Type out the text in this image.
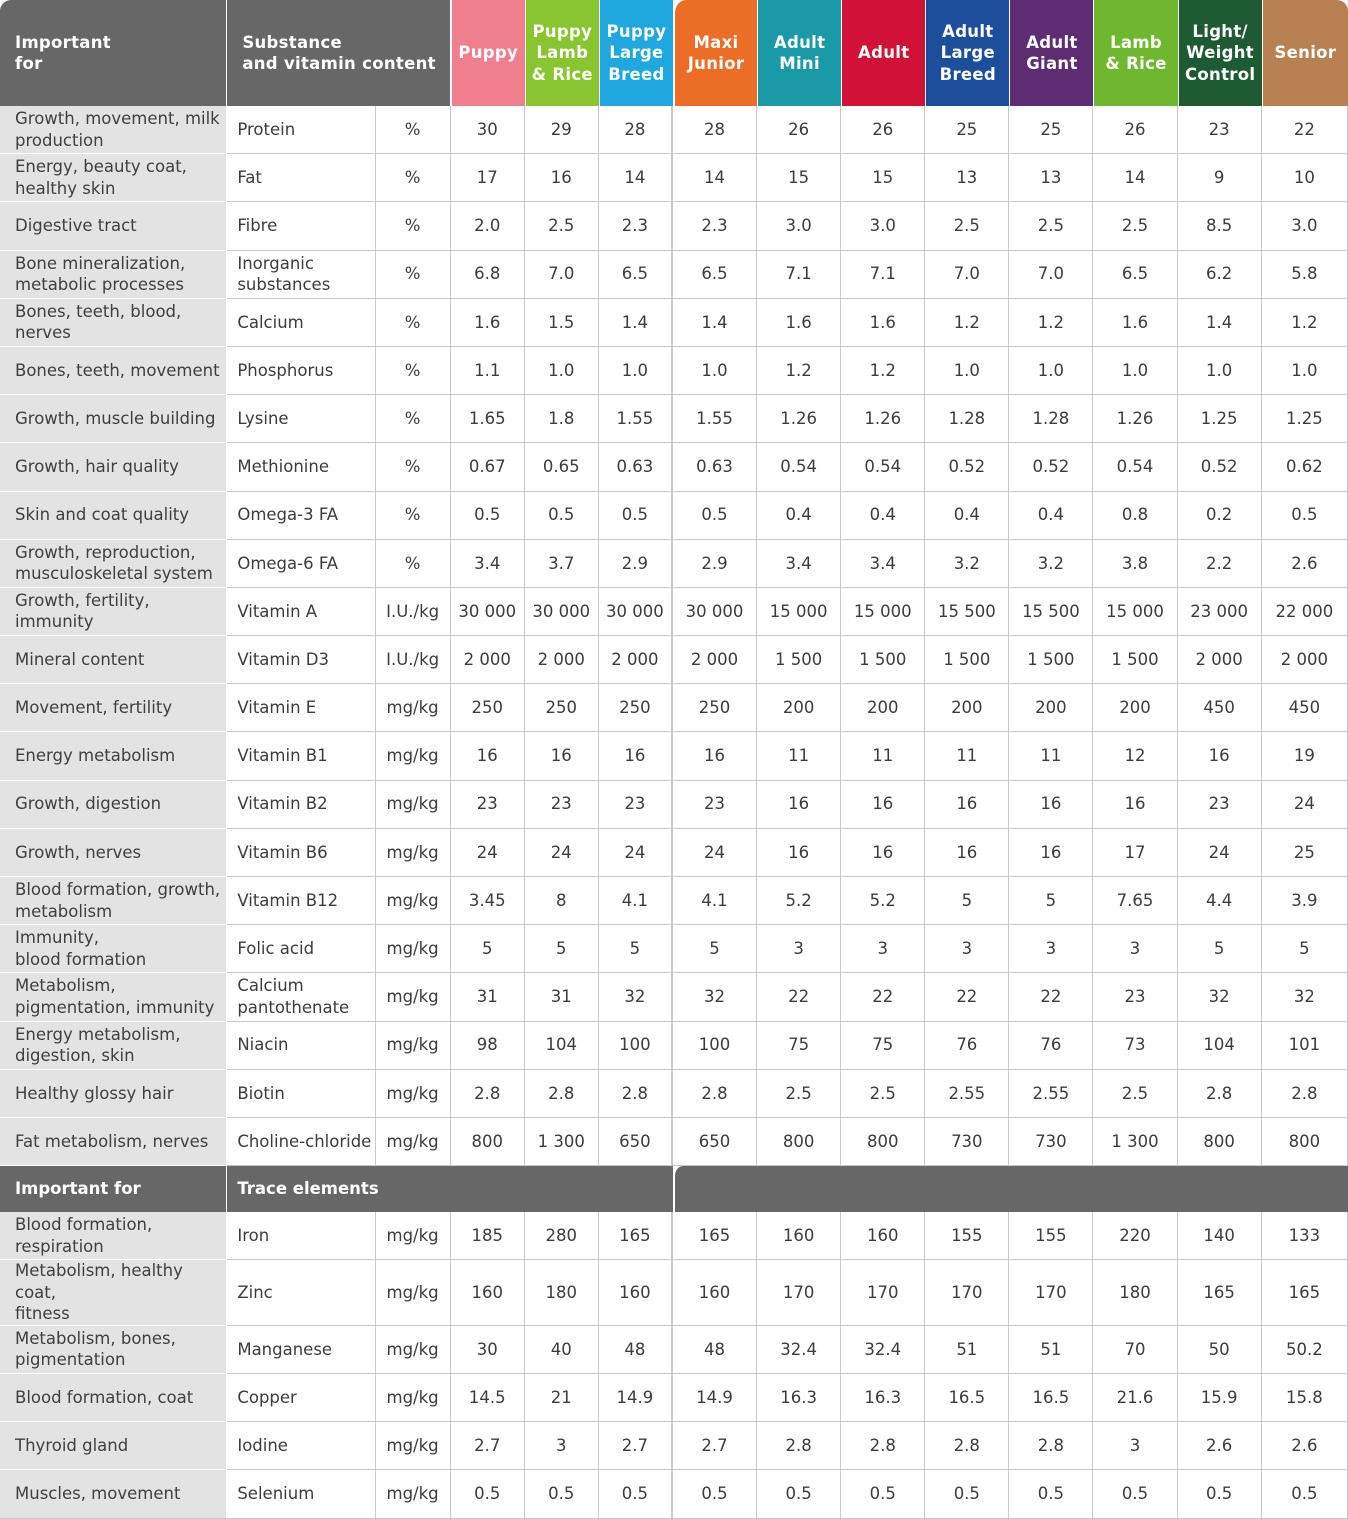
Important
for	Substance
and vitamin content		Puppy	Puppy
Lamb
& Rice	Puppy
Large
Breed	Maxi
Junior	Adult
Mini	Adult	Adult
Large
Breed	Adult
Giant	Lamb
& Rice	Light/
Weight
Control	Senior

Growth, movement, milk
production	Protein	%	30	29	28	28	26	26	25	25	26	23	22

Energy, beauty coat,
healthy skin	Fat	%	17	16	14	14	15	15	13	13	14	9	10

Digestive tract	Fibre	%	2.0	2.5	2.3	2.3	3.0	3.0	2.5	2.5	2.5	8.5	3.0

Bone mineralization,
metabolic processes	Inorganic
substances	%	6.8	7.0	6.5	6.5	7.1	7.1	7.0	7.0	6.5	6.2	5.8

Bones, teeth, blood,
nerves	Calcium	%	1.6	1.5	1.4	1.4	1.6	1.6	1.2	1.2	1.6	1.4	1.2

Bones, teeth, movement	Phosphorus	%	1.1	1.0	1.0	1.0	1.2	1.2	1.0	1.0	1.0	1.0	1.0

Growth, muscle building	Lysine	%	1.65	1.8	1.55	1.55	1.26	1.26	1.28	1.28	1.26	1.25	1.25

Growth, hair quality	Methionine	%	0.67	0.65	0.63	0.63	0.54	0.54	0.52	0.52	0.54	0.52	0.62

Skin and coat quality	Omega-3 FA	%	0.5	0.5	0.5	0.5	0.4	0.4	0.4	0.4	0.8	0.2	0.5

Growth, reproduction,
musculoskeletal system	Omega-6 FA	%	3.4	3.7	2.9	2.9	3.4	3.4	3.2	3.2	3.8	2.2	2.6

Growth, fertility, immunity	Vitamin A	I.U./kg	30 000	30 000	30 000	30 000	15 000	15 000	15 500	15 500	15 000	23 000	22 000

Mineral content	Vitamin D3	I.U./kg	2 000	2 000	2 000	2 000	1 500	1 500	1 500	1 500	1 500	2 000	2 000

Movement, fertility	Vitamin E	mg/kg	250	250	250	250	200	200	200	200	200	450	450

Energy metabolism	Vitamin B1	mg/kg	16	16	16	16	11	11	11	11	12	16	19

Growth, digestion	Vitamin B2	mg/kg	23	23	23	23	16	16	16	16	16	23	24

Growth, nerves	Vitamin B6	mg/kg	24	24	24	24	16	16	16	16	17	24	25

Blood formation, growth,
metabolism	Vitamin B12	mg/kg	3.45	8	4.1	4.1	5.2	5.2	5	5	7.65	4.4	3.9

Immunity,
blood formation	Folic acid	mg/kg	5	5	5	5	3	3	3	3	3	5	5

Metabolism,
pigmentation, immunity	Calcium
pantothenate	mg/kg	31	31	32	32	22	22	22	22	23	32	32

Energy metabolism,
digestion, skin	Niacin	mg/kg	98	104	100	100	75	75	76	76	73	104	101

Healthy glossy hair	Biotin	mg/kg	2.8	2.8	2.8	2.8	2.5	2.5	2.55	2.55	2.5	2.8	2.8

Fat metabolism, nerves	Choline-chloride	mg/kg	800	1 300	650	650	800	800	730	730	1 300	800	800
Important for	Trace elements												

Blood formation,
respiration	Iron	mg/kg	185	280	165	165	160	160	155	155	220	140	133

Metabolism, healthy coat,
fitness	Zinc	mg/kg	160	180	160	160	170	170	170	170	180	165	165

Metabolism, bones,
pigmentation	Manganese	mg/kg	30	40	48	48	32.4	32.4	51	51	70	50	50.2

Blood formation, coat	Copper	mg/kg	14.5	21	14.9	14.9	16.3	16.3	16.5	16.5	21.6	15.9	15.8

Thyroid gland	Iodine	mg/kg	2.7	3	2.7	2.7	2.8	2.8	2.8	2.8	3	2.6	2.6

Muscles, movement	Selenium	mg/kg	0.5	0.5	0.5	0.5	0.5	0.5	0.5	0.5	0.5	0.5	0.5
